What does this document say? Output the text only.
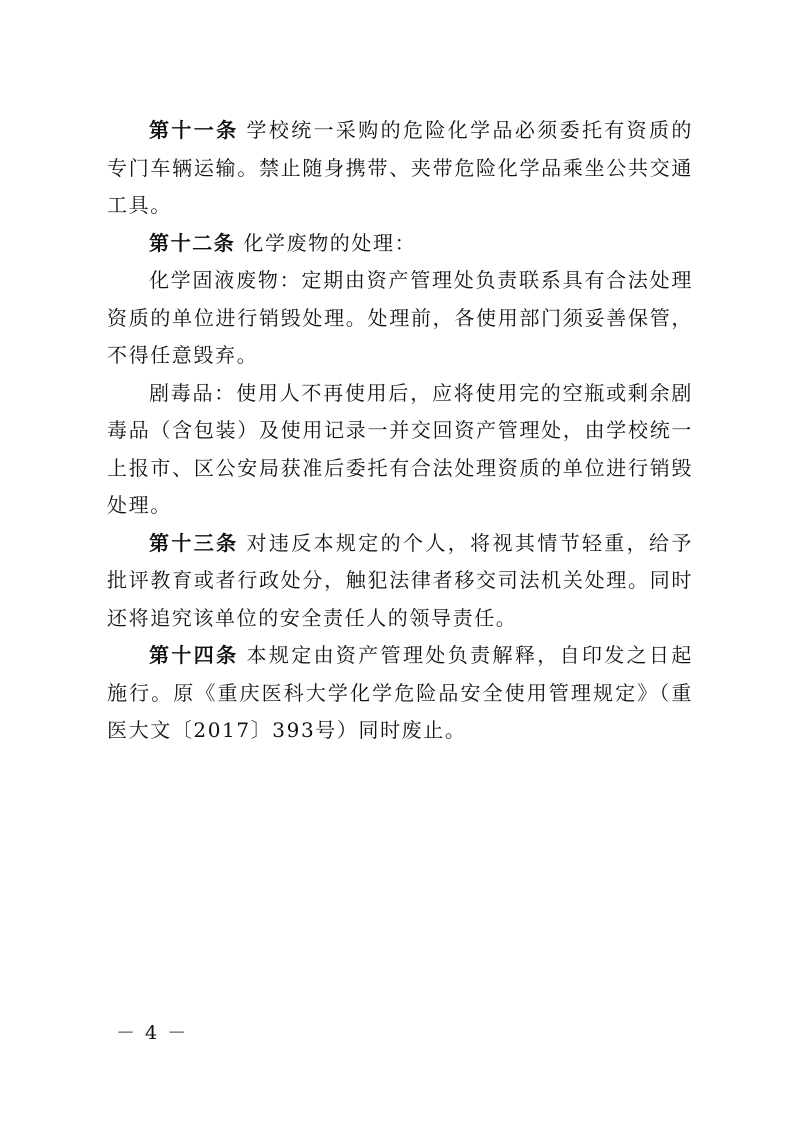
第十一条 学校统一采购的危险化学品必须委托有资质的专门车辆运输。禁止随身携带、夹带危险化学品乘坐公共交通工具。

第十二条 化学废物的处理：

化学固液废物：定期由资产管理处负责联系具有合法处理资质的单位进行销毁处理。处理前，各使用部门须妥善保管，不得任意毁弃。

剧毒品：使用人不再使用后，应将使用完的空瓶或剩余剧毒品（含包装）及使用记录一并交回资产管理处，由学校统一上报市、区公安局获准后委托有合法处理资质的单位进行销毁处理。

第十三条 对违反本规定的个人，将视其情节轻重，给予批评教育或者行政处分，触犯法律者移交司法机关处理。同时还将追究该单位的安全责任人的领导责任。

第十四条 本规定由资产管理处负责解释，自印发之日起施行。原《重庆医科大学化学危险品安全使用管理规定》（重医大文〔2017〕393号）同时废止。

－ 4 －
